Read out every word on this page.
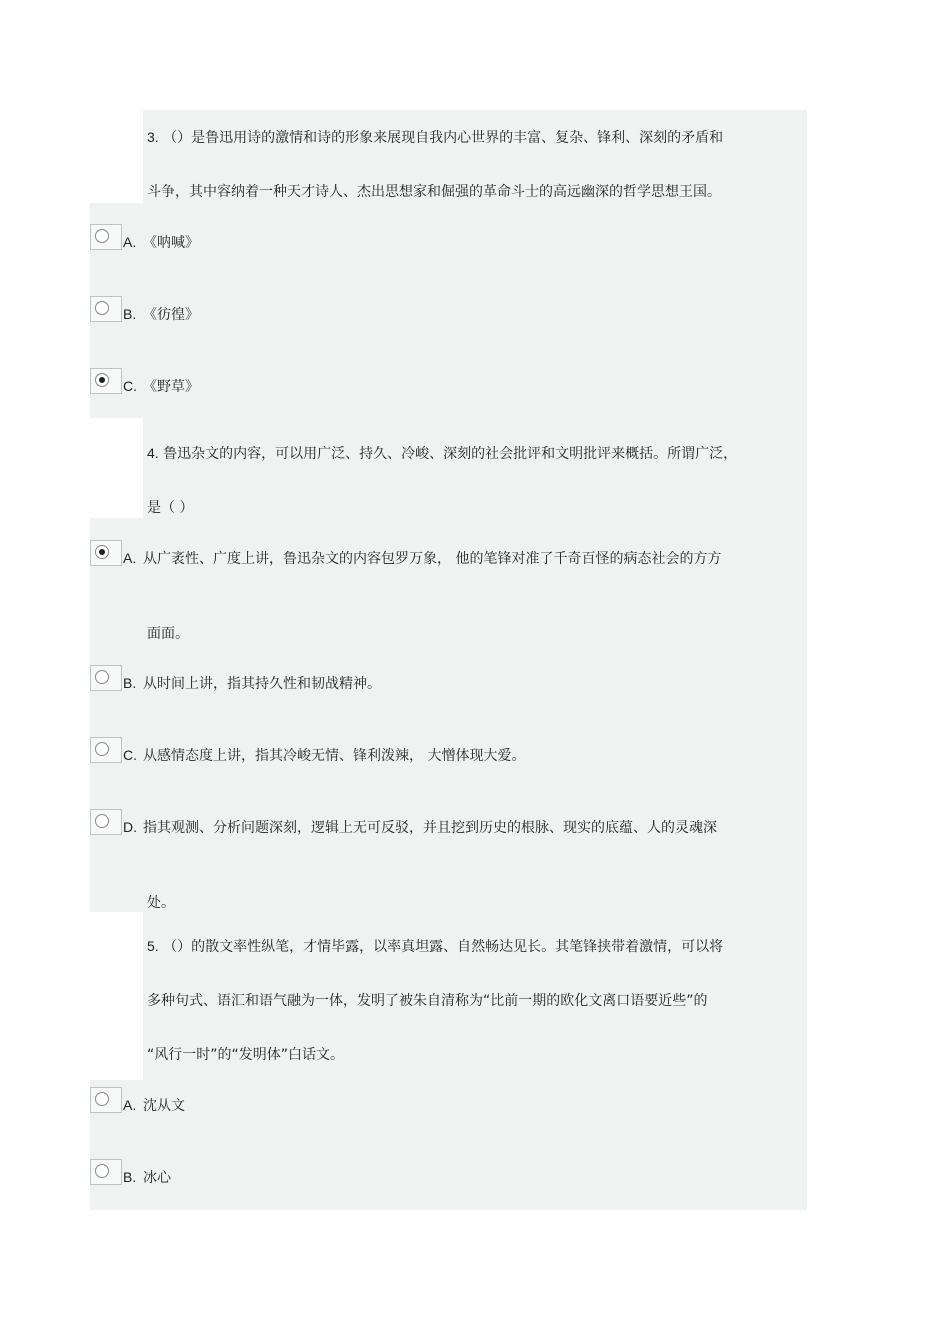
3. （）是鲁迅用诗的激情和诗的形象来展现自我内心世界的丰富、复杂、锋利、深刻的矛盾和
斗争，其中容纳着一种天才诗人、杰出思想家和倔强的革命斗士的高远幽深的哲学思想王国。
A. 《呐喊》
B. 《彷徨》
C. 《野草》
4. 鲁迅杂文的内容，可以用广泛、持久、冷峻、深刻的社会批评和文明批评来概括。所谓广泛，
是（ ）
A. 从广袤性、广度上讲，鲁迅杂文的内容包罗万象， 他的笔锋对准了千奇百怪的病态社会的方方
面面。
B. 从时间上讲，指其持久性和韧战精神。
C. 从感情态度上讲，指其冷峻无情、锋利泼辣， 大憎体现大爱。
D. 指其观测、分析问题深刻，逻辑上无可反驳，并且挖到历史的根脉、现实的底蕴、人的灵魂深
处。
5. （）的散文率性纵笔，才情毕露，以率真坦露、自然畅达见长。其笔锋挟带着激情，可以将
多种句式、语汇和语气融为一体，发明了被朱自清称为“比前一期的欧化文离口语要近些”的
“风行一时”的“发明体”白话文。
A. 沈从文
B. 冰心
